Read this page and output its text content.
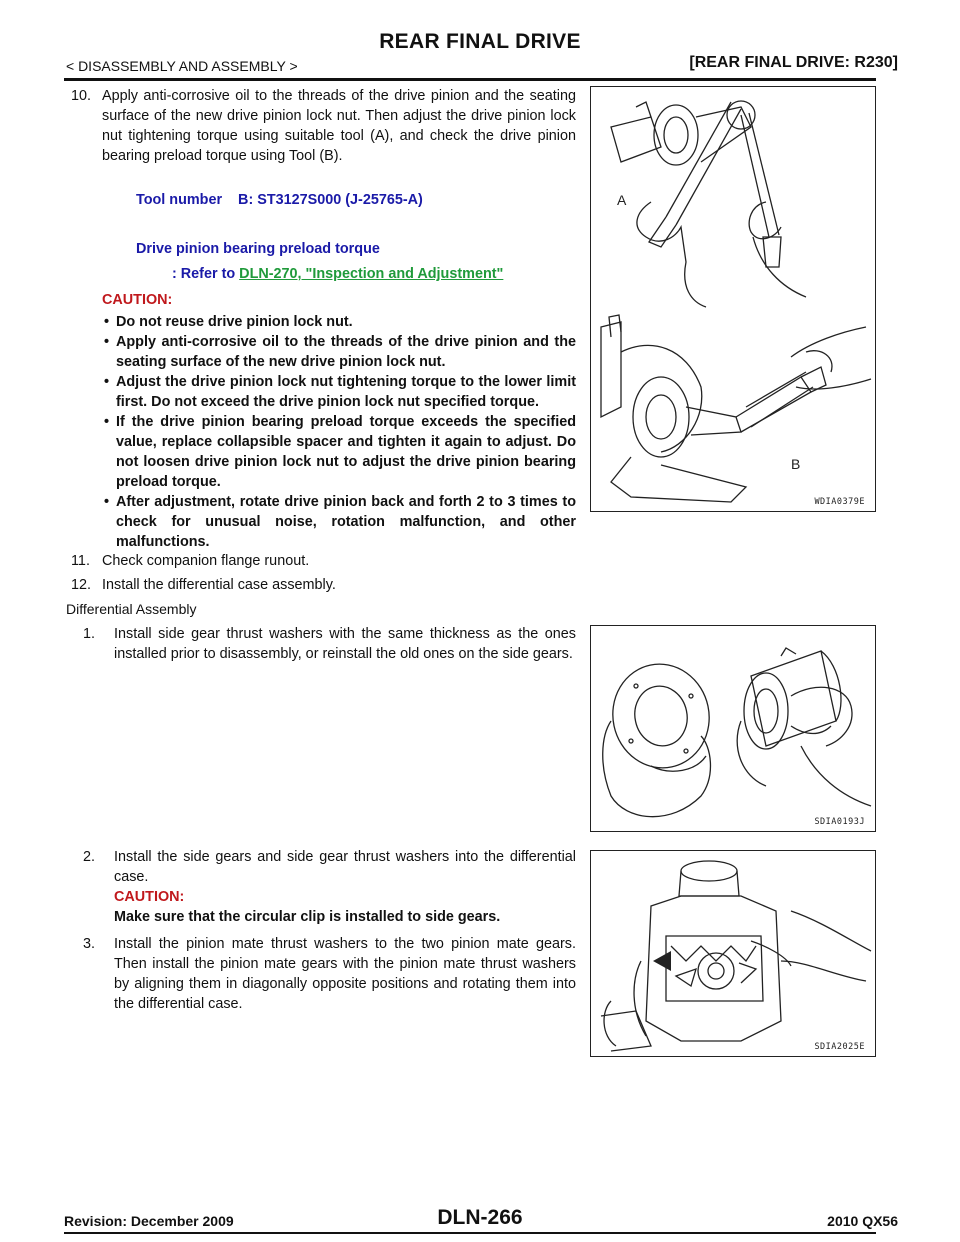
REAR FINAL DRIVE
< DISASSEMBLY AND ASSEMBLY >	[REAR FINAL DRIVE: R230]
10. Apply anti-corrosive oil to the threads of the drive pinion and the seating surface of the new drive pinion lock nut. Then adjust the drive pinion lock nut tightening torque using suitable tool (A), and check the drive pinion bearing preload torque using Tool (B).
Tool number    B: ST3127S000 (J-25765-A)
Drive pinion bearing preload torque
: Refer to DLN-270, "Inspection and Adjustment"
CAUTION:
• Do not reuse drive pinion lock nut.
• Apply anti-corrosive oil to the threads of the drive pinion and the seating surface of the new drive pinion lock nut.
• Adjust the drive pinion lock nut tightening torque to the lower limit first. Do not exceed the drive pinion lock nut specified torque.
• If the drive pinion bearing preload torque exceeds the specified value, replace collapsible spacer and tighten it again to adjust. Do not loosen drive pinion lock nut to adjust the drive pinion bearing preload torque.
• After adjustment, rotate drive pinion back and forth 2 to 3 times to check for unusual noise, rotation malfunction, and other malfunctions.
11. Check companion flange runout.
12. Install the differential case assembly.
Differential Assembly
1. Install side gear thrust washers with the same thickness as the ones installed prior to disassembly, or reinstall the old ones on the side gears.
2. Install the side gears and side gear thrust washers into the differential case.
CAUTION:
Make sure that the circular clip is installed to side gears.
3. Install the pinion mate thrust washers to the two pinion mate gears. Then install the pinion mate gears with the pinion mate thrust washers by aligning them in diagonally opposite positions and rotating them into the differential case.
A
B
WDIA0379E
SDIA0193J
SDIA2025E
Revision: December 2009	DLN-266	2010 QX56
